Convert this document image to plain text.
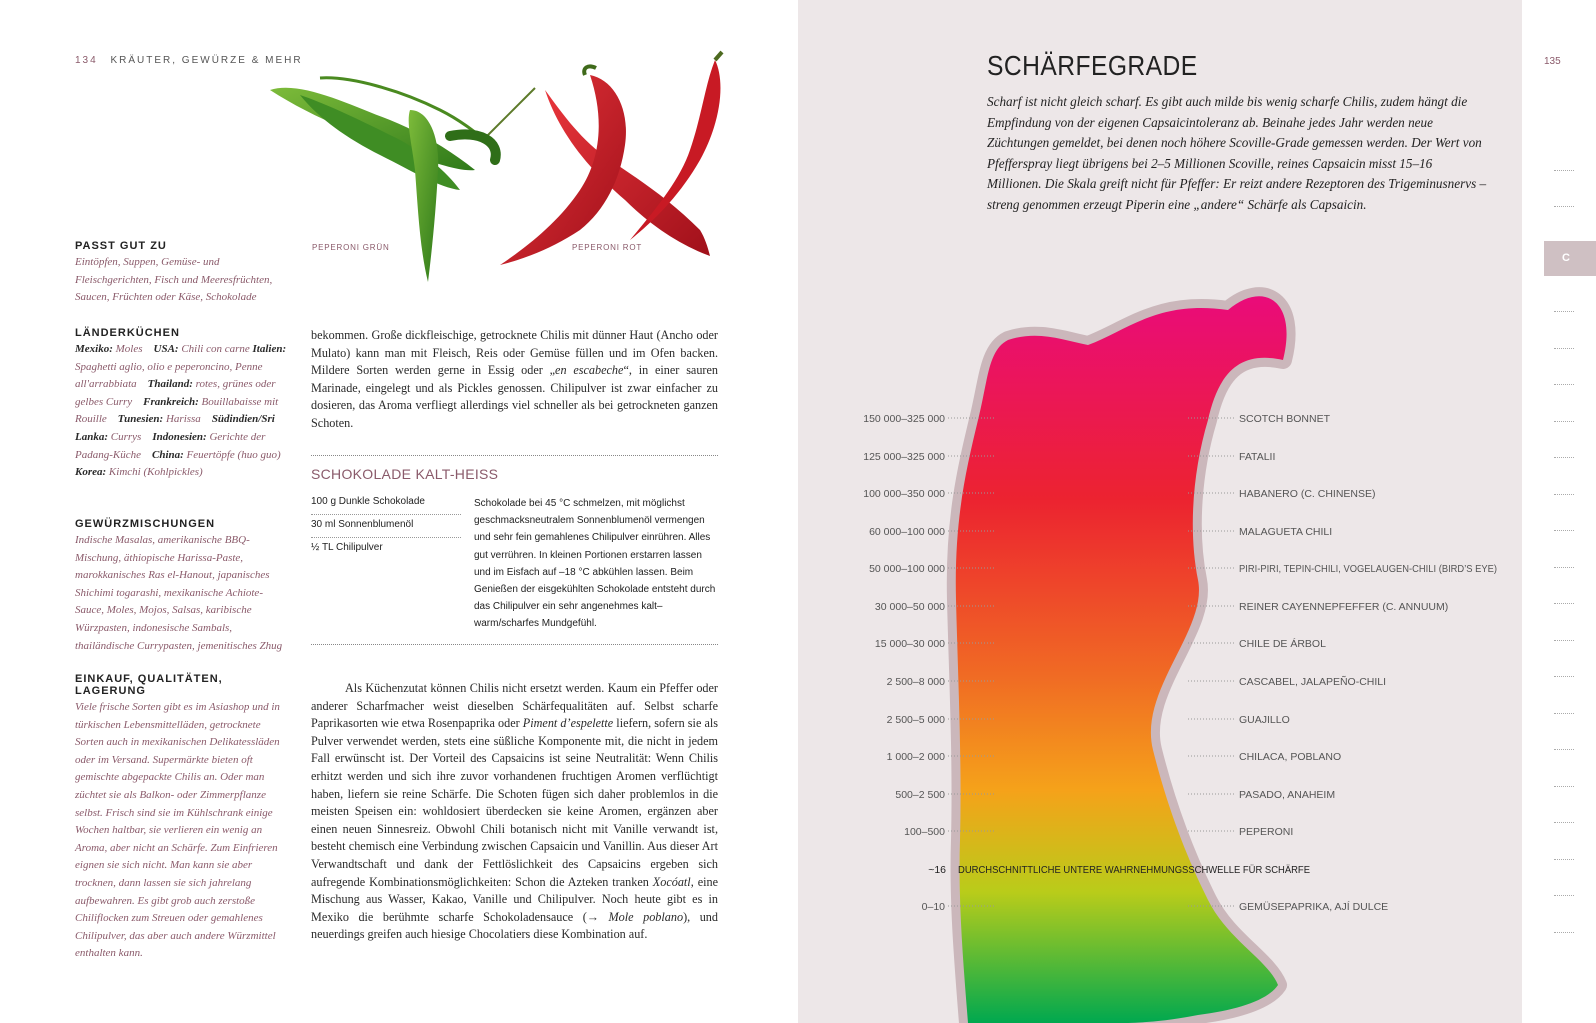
134 KRÄUTER, GEWÜRZE & MEHR
PEPERONI GRÜN	PEPERONI ROT
PASST GUT ZU
Eintöpfen, Suppen, Gemüse- und Fleischgerichten, Fisch und Meeresfrüchten, Saucen, Früchten oder Käse, Schokolade
LÄNDERKÜCHEN
Mexiko: Moles USA: Chili con carne Italien: Spaghetti aglio, olio e peperoncino, Penne all'arrabbiata Thailand: rotes, grünes oder gelbes Curry Frankreich: Bouillabaisse mit Rouille Tunesien: Harissa Südindien/Sri Lanka: Currys Indonesien: Gerichte der Padang-Küche China: Feuertöpfe (huo guo)    Korea: Kimchi (Kohlpickles)
GEWÜRZMISCHUNGEN
Indische Masalas, amerikanische BBQ-Mischung, äthiopische Harissa-Paste, marokkanisches Ras el-Hanout, japanisches Shichimi togarashi, mexikanische Achiote-Sauce, Moles, Mojos, Salsas, karibische Würzpasten, indonesische Sambals, thailändische Currypasten, jemenitisches Zhug
EINKAUF, QUALITÄTEN, LAGERUNG
Viele frische Sorten gibt es im Asiashop und in türkischen Lebensmittelläden, getrocknete Sorten auch in mexikanischen Delikatessläden oder im Versand. Supermärkte bieten oft gemischte abgepackte Chilis an. Oder man züchtet sie als Balkon- oder Zimmerpflanze selbst. Frisch sind sie im Kühlschrank einige Wochen haltbar, sie verlieren ein wenig an Aroma, aber nicht an Schärfe. Zum Einfrieren eignen sie sich nicht. Man kann sie aber trocknen, dann lassen sie sich jahrelang aufbewahren. Es gibt grob auch zerstoße Chiliflocken zum Streuen oder gemahlenes Chilipulver, das aber auch andere Würzmittel enthalten kann.
bekommen. Große dickfleischige, getrocknete Chilis mit dünner Haut (Ancho oder Mulato) kann man mit Fleisch, Reis oder Gemüse füllen und im Ofen backen. Mildere Sorten werden gerne in Essig oder „en escabeche“, in einer sauren Marinade, eingelegt und als Pickles genossen. Chilipulver ist zwar einfacher zu dosieren, das Aroma verfliegt allerdings viel schneller als bei getrockneten ganzen Schoten.
SCHOKOLADE KALT-HEISS
100 g Dunkle Schokolade
30 ml Sonnenblumenöl
½ TL Chilipulver
Schokolade bei 45 °C schmelzen, mit möglichst geschmacksneutralem Sonnenblumenöl vermengen und sehr fein gemahlenes Chilipulver einrühren. Alles gut verrühren. In kleinen Portionen erstarren lassen und im Eisfach auf –18 °C abkühlen lassen. Beim Genießen der eisgekühlten Schokolade entsteht durch das Chilipulver ein sehr angenehmes kalt–warm/scharfes Mundgefühl.
Als Küchenzutat können Chilis nicht ersetzt werden. Kaum ein Pfeffer oder anderer Scharfmacher weist dieselben Schärfequalitäten auf. Selbst scharfe Paprikasorten wie etwa Rosenpaprika oder Piment d’espelette liefern, sofern sie als Pulver verwendet werden, stets eine süßliche Komponente mit, die nicht in jedem Fall erwünscht ist. Der Vorteil des Capsaicins ist seine Neutralität: Wenn Chilis erhitzt werden und sich ihre zuvor vorhandenen fruchtigen Aromen verflüchtigt haben, liefern sie reine Schärfe. Die Schoten fügen sich daher problemlos in die meisten Speisen ein: wohldosiert überdecken sie keine Aromen, ergänzen aber einen neuen Sinnesreiz. Obwohl Chili botanisch nicht mit Vanille verwandt ist, besteht chemisch eine Verbindung zwischen Capsaicin und Vanillin. Aus dieser Art Verwandtschaft und dank der Fettlöslichkeit des Capsaicins ergeben sich aufregende Kombinationsmöglichkeiten: Schon die Azteken tranken Xocóatl, eine Mischung aus Wasser, Kakao, Vanille und Chilipulver. Noch heute gibt es in Mexiko die berühmte scharfe Schokoladensauce (→ Mole poblano), und neuerdings greifen auch hiesige Chocolatiers diese Kombination auf.
SCHÄRFEGRADE
Scharf ist nicht gleich scharf. Es gibt auch milde bis wenig scharfe Chilis, zudem hängt die Empfindung von der eigenen Capsaicintoleranz ab. Beinahe jedes Jahr werden neue Züchtungen gemeldet, bei denen noch höhere Scoville-Grade gemessen werden. Der Wert von Pfefferspray liegt übrigens bei 2–5 Millionen Scoville, reines Capsaicin misst 15–16 Millionen. Die Skala greift nicht für Pfeffer: Er reizt andere Rezeptoren des Trigeminusnervs – streng genommen erzeugt Piperin eine „andere“ Schärfe als Capsaicin.
135
C
150 000–325 000	SCOTCH BONNET
125 000–325 000	FATALII
100 000–350 000	HABANERO (C. CHINENSE)
60 000–100 000	MALAGUETA CHILI
50 000–100 000	PIRI-PIRI, TEPIN-CHILI, VOGELAUGEN-CHILI (BIRD’S EYE)
30 000–50 000	REINER CAYENNEPFEFFER (C. ANNUUM)
15 000–30 000	CHILE DE ÁRBOL
2 500–8 000	CASCABEL, JALAPEÑO-CHILI
2 500–5 000	GUAJILLO
1 000–2 000	CHILACA, POBLANO
500–2 500	PASADO, ANAHEIM
100–500	PEPERONI
~16 DURCHSCHNITTLICHE UNTERE WAHRNEHMUNGSSCHWELLE FÜR SCHÄRFE
0–10	GEMÜSEPAPRIKA, AJÍ DULCE
